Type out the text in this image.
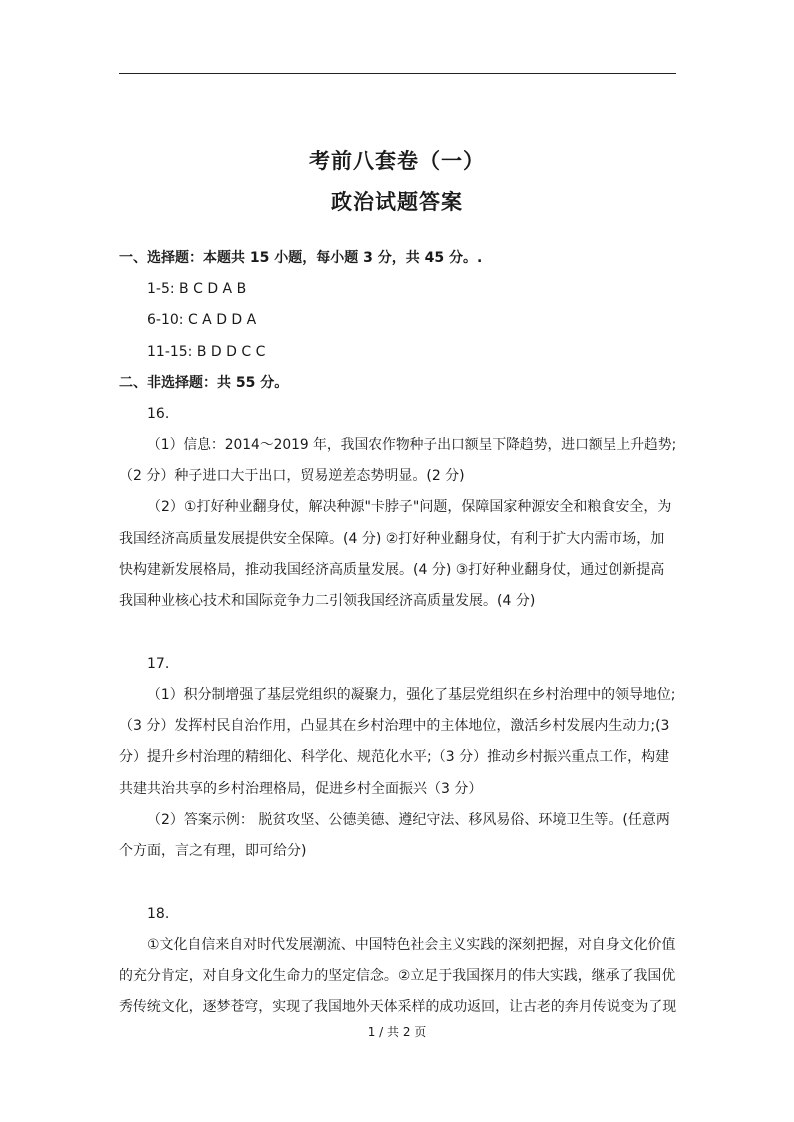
考前八套卷（一）
政治试题答案
一、选择题：本题共 15 小题，每小题 3 分，共 45 分。.
1-5: B C D A B
6-10: C A D D A
11-15: B D D C C
二、非选择题：共 55 分。
16.
（1）信息：2014～2019 年，我国农作物种子出口额呈下降趋势，进口额呈上升趋势;
（2 分）种子进口大于出口，贸易逆差态势明显。(2 分)
（2）①打好种业翻身仗，解决种源"卡脖子"问题，保障国家种源安全和粮食安全，为
我国经济高质量发展提供安全保障。(4 分) ②打好种业翻身仗，有利于扩大内需市场，加
快构建新发展格局，推动我国经济高质量发展。(4 分) ③打好种业翻身仗，通过创新提高
我国种业核心技术和国际竞争力二引领我国经济高质量发展。(4 分)
17.
（1）积分制增强了基层党组织的凝聚力，强化了基层党组织在乡村治理中的领导地位;
（3 分）发挥村民自治作用，凸显其在乡村治理中的主体地位，激活乡村发展内生动力;(3
分）提升乡村治理的精细化、科学化、规范化水平;（3 分）推动乡村振兴重点工作，构建
共建共治共享的乡村治理格局，促进乡村全面振兴（3 分）
（2）答案示例： 脱贫攻坚、公德美德、遵纪守法、移风易俗、环境卫生等。(任意两
个方面，言之有理，即可给分)
18.
①文化自信来自对时代发展潮流、中国特色社会主义实践的深刻把握，对自身文化价值
的充分肯定，对自身文化生命力的坚定信念。②立足于我国探月的伟大实践，继承了我国优
秀传统文化，逐梦苍穹，实现了我国地外天体采样的成功返回，让古老的奔月传说变为了现
1 / 共 2 页
